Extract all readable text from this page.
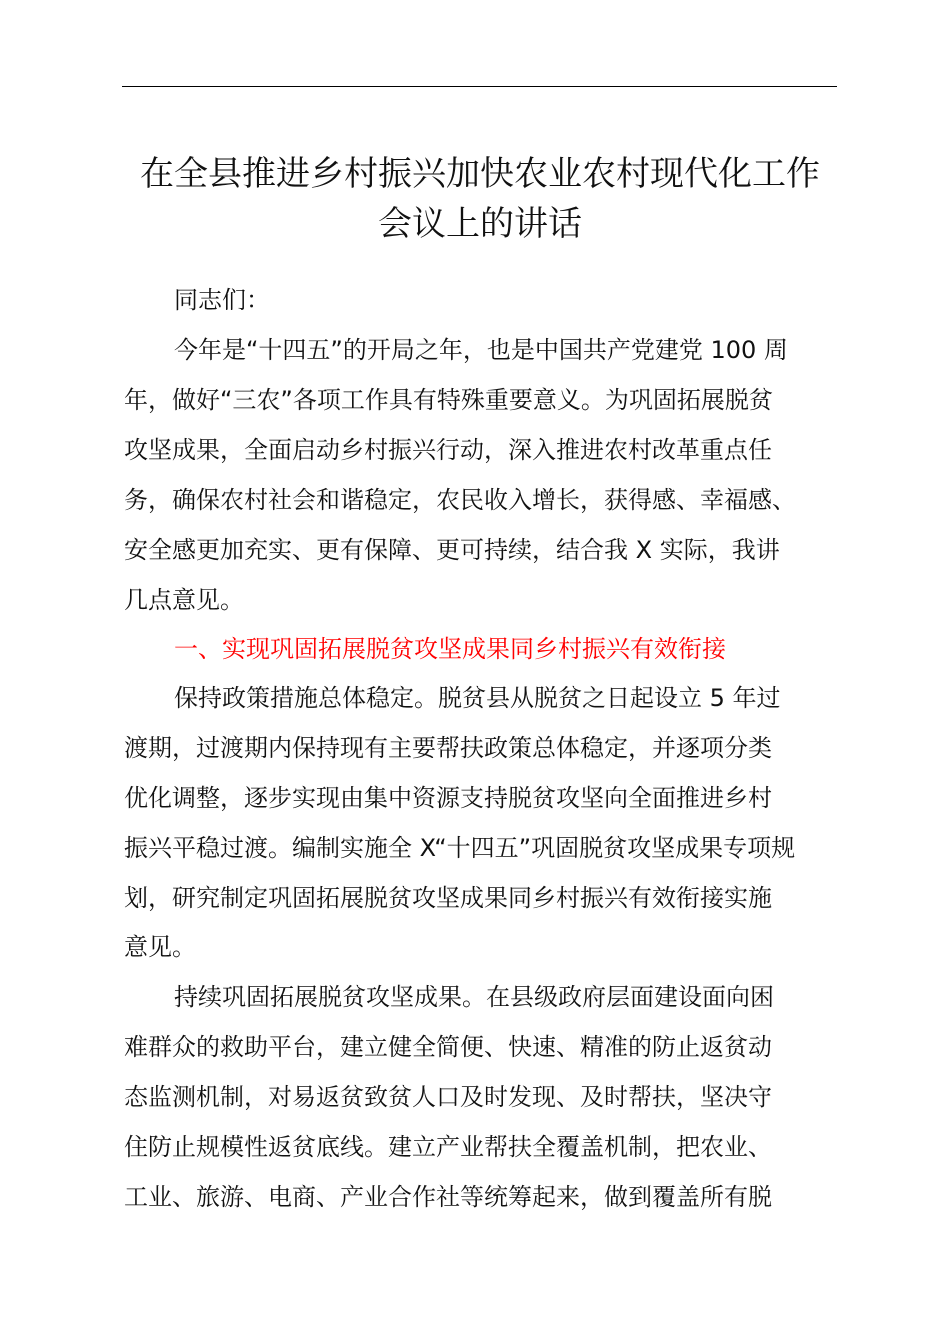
在全县推进乡村振兴加快农业农村现代化工作
会议上的讲话
同志们：
今年是“十四五”的开局之年，也是中国共产党建党 100 周
年，做好“三农”各项工作具有特殊重要意义。为巩固拓展脱贫
攻坚成果，全面启动乡村振兴行动，深入推进农村改革重点任
务，确保农村社会和谐稳定，农民收入增长，获得感、幸福感、
安全感更加充实、更有保障、更可持续，结合我 X 实际，我讲
几点意见。
一、实现巩固拓展脱贫攻坚成果同乡村振兴有效衔接
保持政策措施总体稳定。脱贫县从脱贫之日起设立 5 年过
渡期，过渡期内保持现有主要帮扶政策总体稳定，并逐项分类
优化调整，逐步实现由集中资源支持脱贫攻坚向全面推进乡村
振兴平稳过渡。编制实施全 X“十四五”巩固脱贫攻坚成果专项规
划，研究制定巩固拓展脱贫攻坚成果同乡村振兴有效衔接实施
意见。
持续巩固拓展脱贫攻坚成果。在县级政府层面建设面向困
难群众的救助平台，建立健全简便、快速、精准的防止返贫动
态监测机制，对易返贫致贫人口及时发现、及时帮扶，坚决守
住防止规模性返贫底线。建立产业帮扶全覆盖机制，把农业、
工业、旅游、电商、产业合作社等统筹起来，做到覆盖所有脱
